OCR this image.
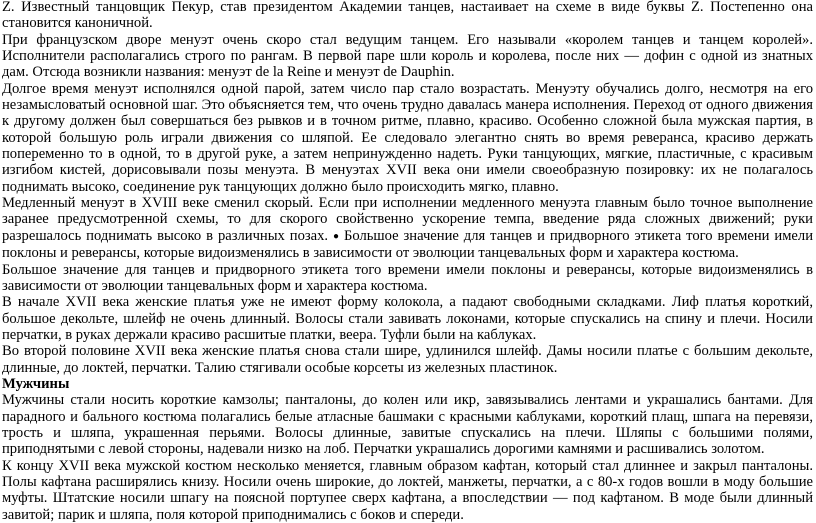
Z. Известный танцовщик Пекур, став президентом Академии танцев, настаивает на схеме в виде буквы Z. Постепенно она становится каноничной.

При французском дворе менуэт очень скоро стал ведущим танцем. Его называли «королем танцев и танцем королей». Исполнители располагались строго по рангам. В первой паре шли король и королева, после них — дофин с одной из знатных дам. Отсюда возникли названия: менуэт de la Reine и менуэт de Dauphin.

Долгое время менуэт исполнялся одной парой, затем число пар стало возрастать. Менуэту обучались долго, несмотря на его незамысловатый основной шаг. Это объясняется тем, что очень трудно давалась манера исполнения. Переход от одного движения к другому должен был совершаться без рывков и в точном ритме, плавно, красиво. Особенно сложной была мужская партия, в которой большую роль играли движения со шляпой. Ее следовало элегантно снять во время реверанса, красиво держать попеременно то в одной, то в другой руке, а затем непринужденно надеть. Руки танцующих, мягкие, пластичные, с красивым изгибом кистей, дорисовывали позы менуэта. В менуэтах XVII века они имели своеобразную позировку: их не полагалось поднимать высоко, соединение рук танцующих должно было происходить мягко, плавно.

Медленный менуэт в XVIII веке сменил скорый. Если при исполнении медленного менуэта главным было точное выполнение заранее предусмотренной схемы, то для скорого свойственно ускорение темпа, введение ряда сложных движений; руки разрешалось поднимать высоко в различных позах. ● Большое значение для танцев и придворного этикета того времени имели поклоны и реверансы, которые видоизменялись в зависимости от эволюции танцевальных форм и характера костюма.

Большое значение для танцев и придворного этикета того времени имели поклоны и реверансы, которые видоизменялись в зависимости от эволюции танцевальных форм и характера костюма.

В начале XVII века женские платья уже не имеют форму колокола, а падают свободными складками. Лиф платья короткий, большое декольте, шлейф не очень длинный. Волосы стали завивать локонами, которые спускались на спину и плечи. Носили перчатки, в руках держали красиво расшитые платки, веера. Туфли были на каблуках.

Во второй половине XVII века женские платья снова стали шире, удлинился шлейф. Дамы носили платье с большим декольте, длинные, до локтей, перчатки. Талию стягивали особые корсеты из железных пластинок.

Мужчины

Мужчины стали носить короткие камзолы; панталоны, до колен или икр, завязывались лентами и украшались бантами. Для парадного и бального костюма полагались белые атласные башмаки с красными каблуками, короткий плащ, шпага на перевязи, трость и шляпа, украшенная перьями. Волосы длинные, завитые спускались на плечи. Шляпы с большими полями, приподнятыми с левой стороны, надевали низко на лоб. Перчатки украшались дорогими камнями и расшивались золотом.

К концу XVII века мужской костюм несколько меняется, главным образом кафтан, который стал длиннее и закрыл панталоны. Полы кафтана расширялись книзу. Носили очень широкие, до локтей, манжеты, перчатки, а с 80-х годов вошли в моду большие муфты. Штатские носили шпагу на поясной портупее сверх кафтана, а впоследствии — под кафтаном. В моде были длинный завитой; парик и шляпа, поля которой приподнимались с боков и спереди.
